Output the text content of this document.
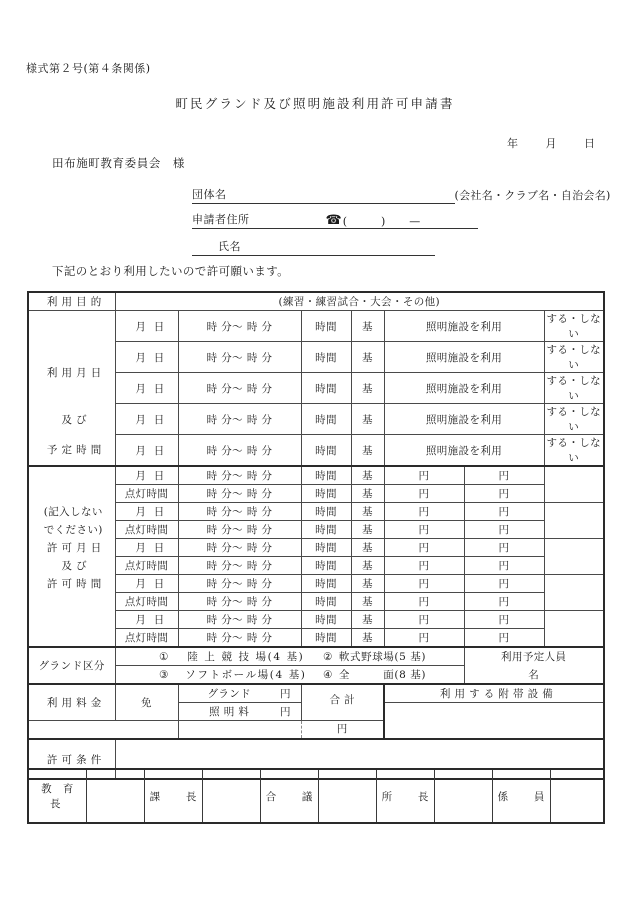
様式第２号(第４条関係)
町民グランド及び照明施設利用許可申請書
年 月 日
田布施町教育委員会 様
団体名	(会社名・クラブ名・自治会名)
申請者住所	☎ (	) —
氏名
下記のとおり利用したいので許可願います。
利 用 目 的	(練習・練習試合・大会・その他)						
	月 日	時 分～ 時 分	時間	基	照明施設を利用		する・しない
利 用 月 日	月 日	時 分～ 時 分	時間	基	照明施設を利用		する・しない
	月 日	時 分～ 時 分	時間	基	照明施設を利用		する・しない
及 び	月 日	時 分～ 時 分	時間	基	照明施設を利用		する・しない
予 定 時 間	月 日	時 分～ 時 分	時間	基	照明施設を利用		する・しない
	月 日	時 分～ 時 分	時間	基	円	円	
	点灯時間	時 分～ 時 分	時間	基	円	円	
(記入しない	月 日	時 分～ 時 分	時間	基	円	円	
でください)	点灯時間	時 分～ 時 分	時間	基	円	円	
許 可 月 日	月 日	時 分～ 時 分	時間	基	円	円	
及 び	点灯時間	時 分～ 時 分	時間	基	円	円	
許 可 時 間	月 日	時 分～ 時 分	時間	基	円	円	
	点灯時間	時 分～ 時 分	時間	基	円	円	
	月 日	時 分～ 時 分	時間	基	円	円	
	点灯時間	時 分～ 時 分	時間	基	円	円	
グランド区分	① 陸 上 競 技 場(4 基) ② 軟式野球場(5 基)					利用予定人員	
	③ ソフトボール場(4 基) ④ 全　　　面(8 基)					名	
利 用 料 金	免	グランド 円	合 計		利 用 す る 附 帯 設 備		
		照 明 料 円					

			円				
許 可 条 件							
教 育 長		課　 長		合　 議		所　 長		係　 員	
